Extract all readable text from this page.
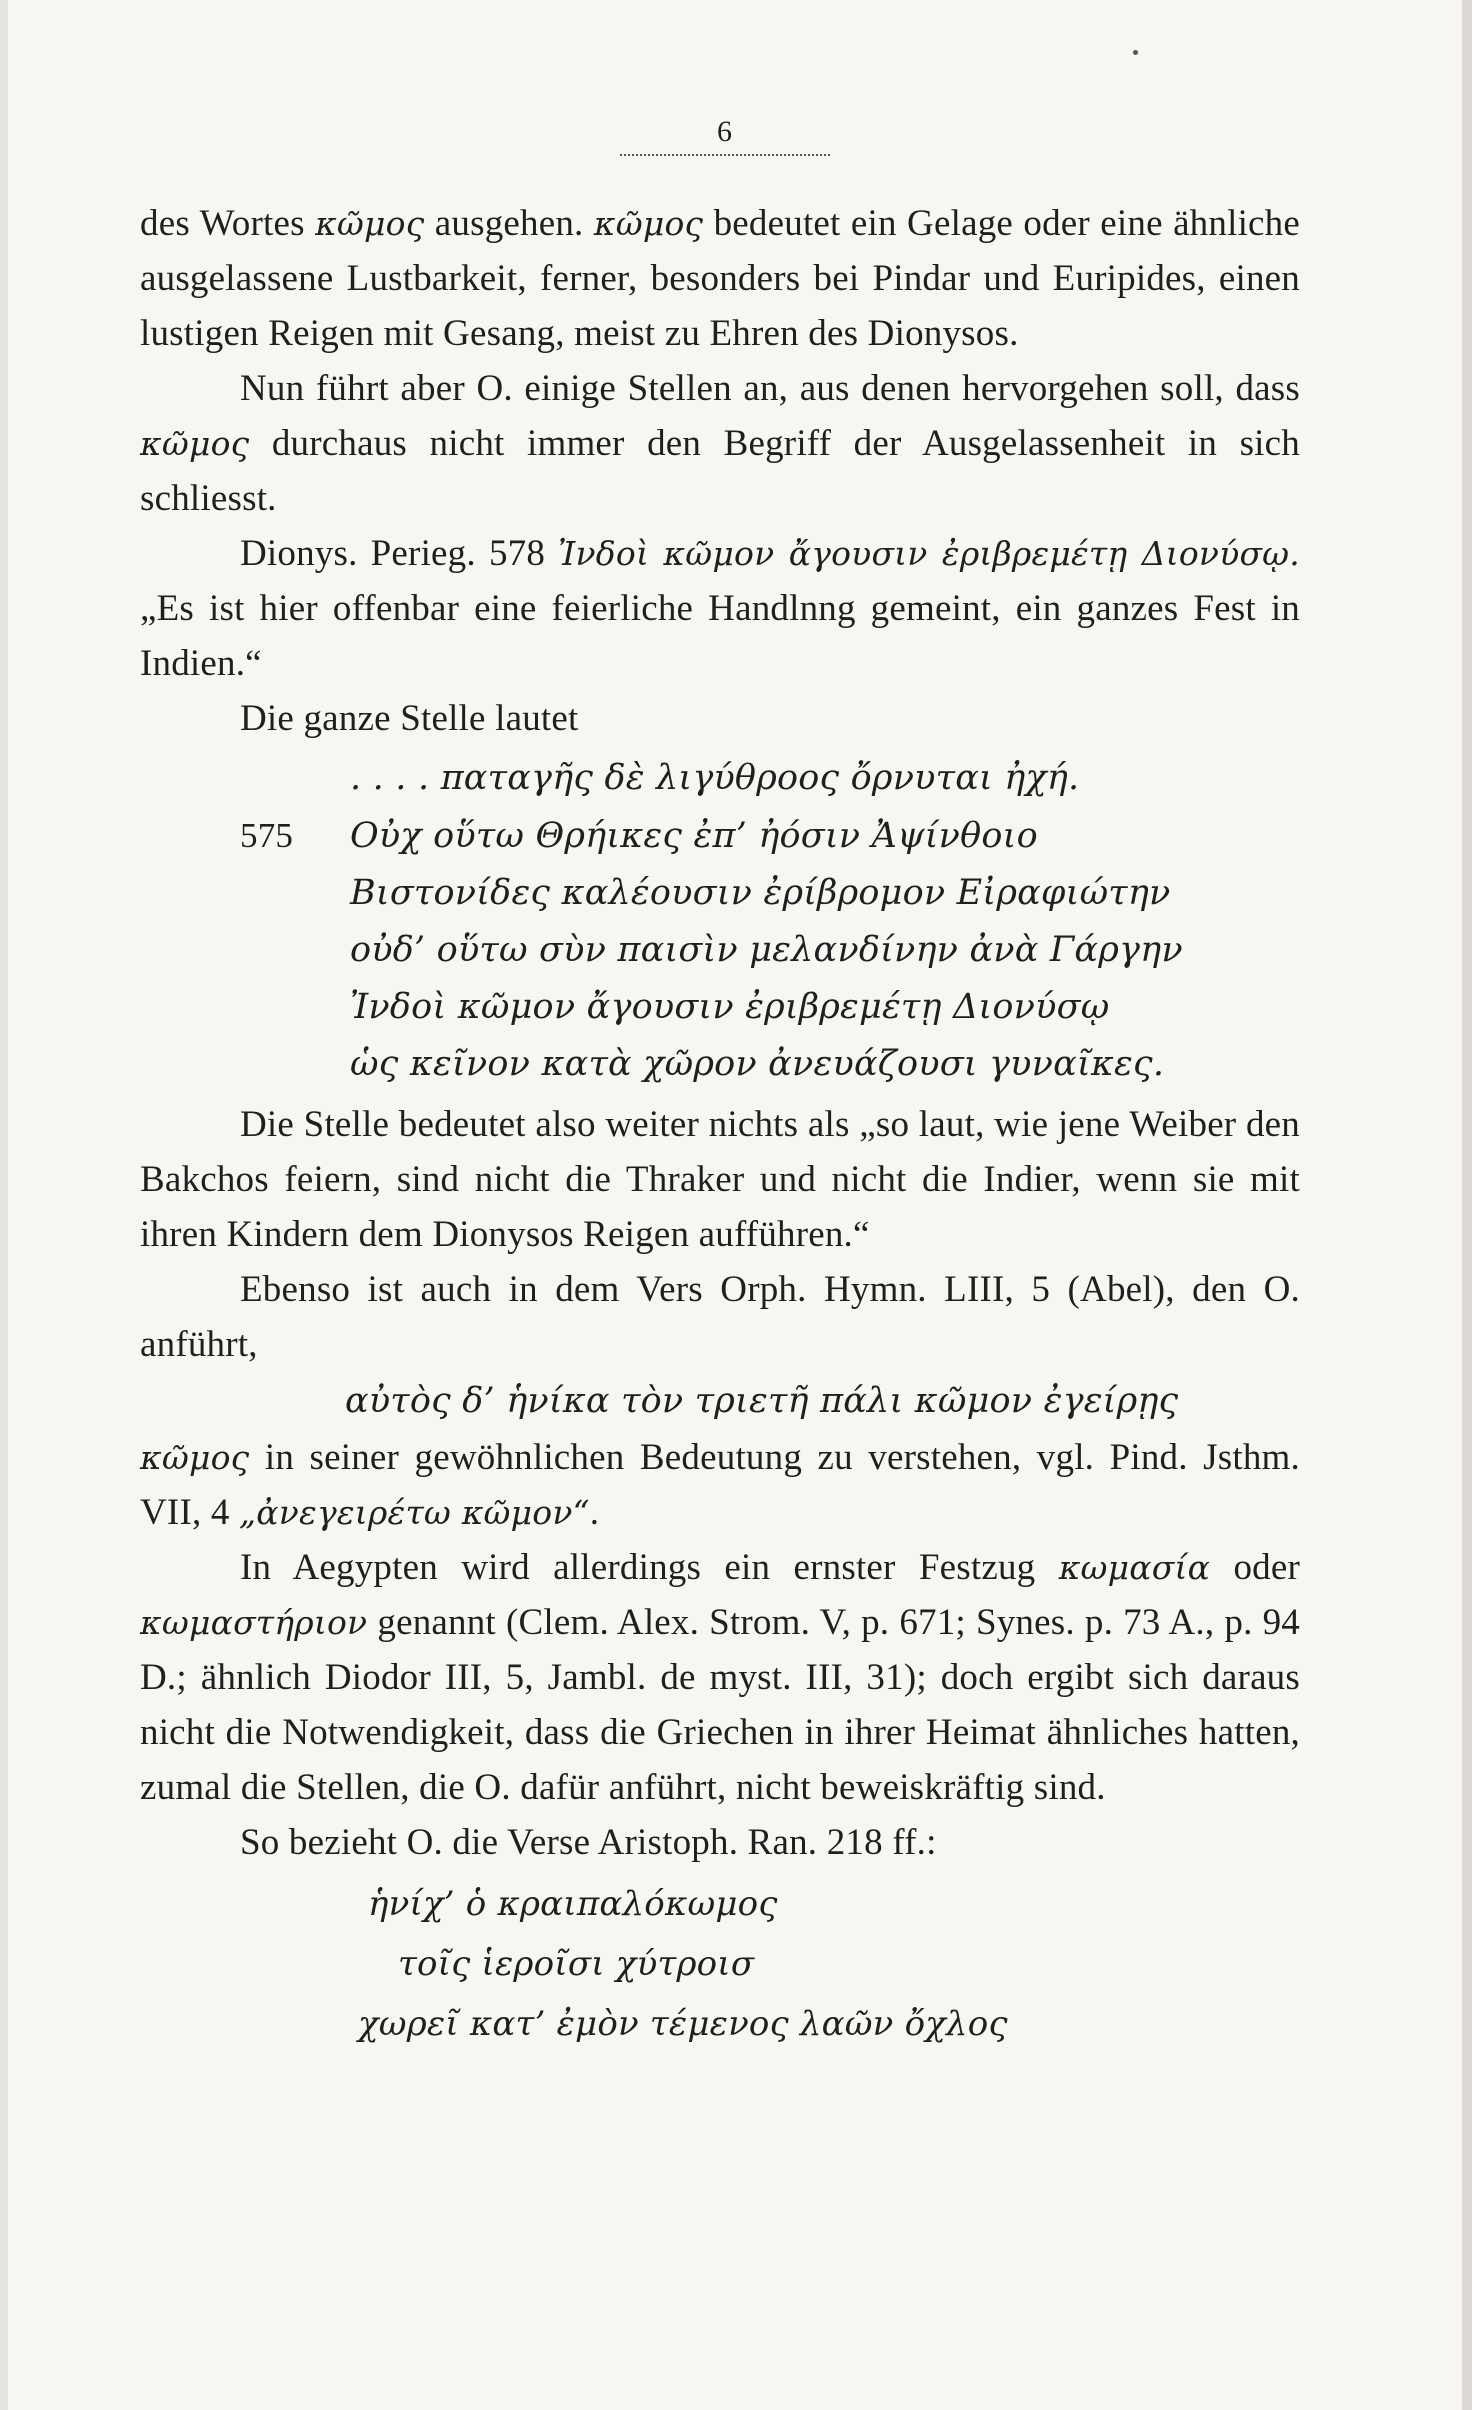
6

des Wortes κῶμος ausgehen. κῶμος bedeutet ein Gelage oder eine ähnliche ausgelassene Lustbarkeit, ferner, besonders bei Pindar und Euripides, einen lustigen Reigen mit Gesang, meist zu Ehren des Dionysos.

Nun führt aber O. einige Stellen an, aus denen hervorgehen soll, dass κῶμος durchaus nicht immer den Begriff der Ausgelassenheit in sich schliesst.

Dionys. Perieg. 578 Ἰνδοὶ κῶμον ἄγουσιν ἐριβρεμέτῃ Διονύσῳ. „Es ist hier offenbar eine feierliche Handlnng gemeint, ein ganzes Fest in Indien.“

Die ganze Stelle lautet

. . . . παταγῆς δὲ λιγύθροος ὄρνυται ἠχή.
575 Οὐχ οὕτω Θρήικες ἐπ’ ἠόσιν Ἀψίνθοιο
Βιστονίδες καλέουσιν ἐρίβρομον Εἰραφιώτην
οὐδ’ οὕτω σὺν παισὶν μελανδίνην ἀνὰ Γάργην
Ἰνδοὶ κῶμον ἄγουσιν ἐριβρεμέτῃ Διονύσῳ
ὡς κεῖνον κατὰ χῶρον ἀνευάζουσι γυναῖκες.

Die Stelle bedeutet also weiter nichts als „so laut, wie jene Weiber den Bakchos feiern, sind nicht die Thraker und nicht die Indier, wenn sie mit ihren Kindern dem Dionysos Reigen aufführen.“

Ebenso ist auch in dem Vers Orph. Hymn. LIII, 5 (Abel), den O. anführt,

αὐτὸς δ’ ἡνίκα τὸν τριετῆ πάλι κῶμον ἐγείρῃς

κῶμος in seiner gewöhnlichen Bedeutung zu verstehen, vgl. Pind. Jsthm. VII, 4 „ἀνεγειρέτω κῶμον“.

In Aegypten wird allerdings ein ernster Festzug κωμασία oder κωμαστήριον genannt (Clem. Alex. Strom. V, p. 671; Synes. p. 73 A., p. 94 D.; ähnlich Diodor III, 5, Jambl. de myst. III, 31); doch ergibt sich daraus nicht die Notwendigkeit, dass die Griechen in ihrer Heimat ähnliches hatten, zumal die Stellen, die O. dafür anführt, nicht beweiskräftig sind.

So bezieht O. die Verse Aristoph. Ran. 218 ff.:

ἡνίχ’ ὁ κραιπαλόκωμος
τοῖς ἱεροῖσι χύτροισ
χωρεῖ κατ’ ἐμὸν τέμενος λαῶν ὄχλος
